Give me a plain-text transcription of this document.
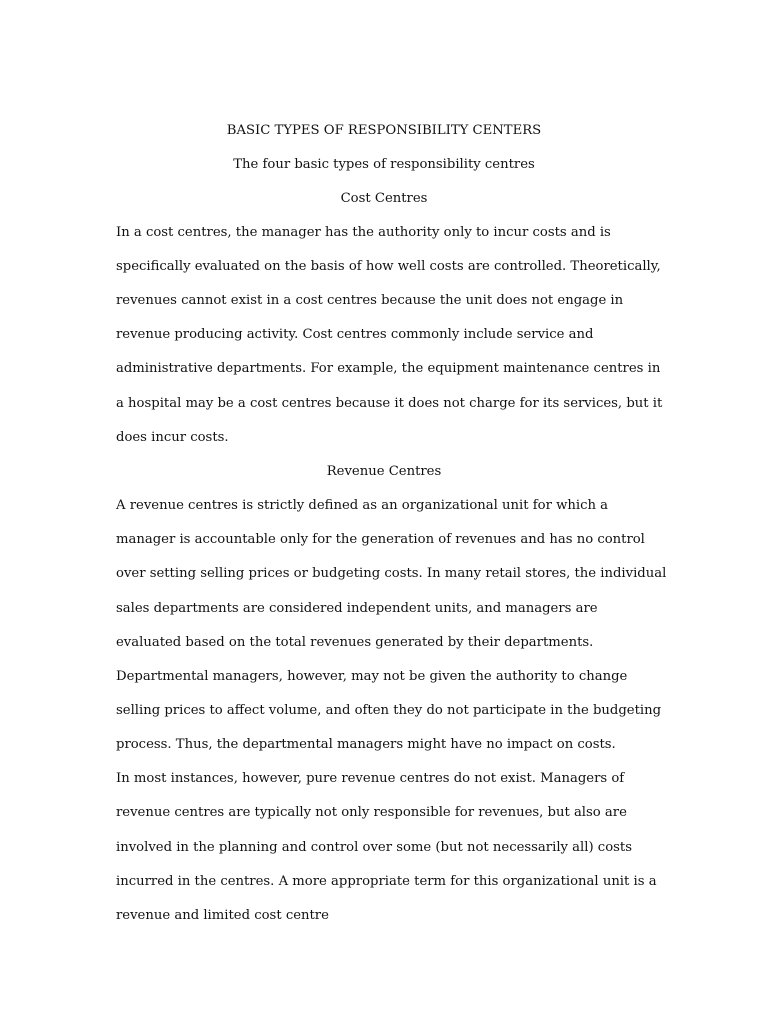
BASIC TYPES OF RESPONSIBILITY CENTERS
The four basic types of responsibility centres
Cost Centres
In a cost centres, the manager has the authority only to incur costs and is
specifically evaluated on the basis of how well costs are controlled. Theoretically,
revenues cannot exist in a cost centres because the unit does not engage in
revenue producing activity. Cost centres commonly include service and
administrative departments. For example, the equipment maintenance centres in
a hospital may be a cost centres because it does not charge for its services, but it
does incur costs.
Revenue Centres
A revenue centres is strictly defined as an organizational unit for which a
manager is accountable only for the generation of revenues and has no control
over setting selling prices or budgeting costs. In many retail stores, the individual
sales departments are considered independent units, and managers are
evaluated based on the total revenues generated by their departments.
Departmental managers, however, may not be given the authority to change
selling prices to affect volume, and often they do not participate in the budgeting
process. Thus, the departmental managers might have no impact on costs.
In most instances, however, pure revenue centres do not exist. Managers of
revenue centres are typically not only responsible for revenues, but also are
involved in the planning and control over some (but not necessarily all) costs
incurred in the centres. A more appropriate term for this organizational unit is a
revenue and limited cost centre
